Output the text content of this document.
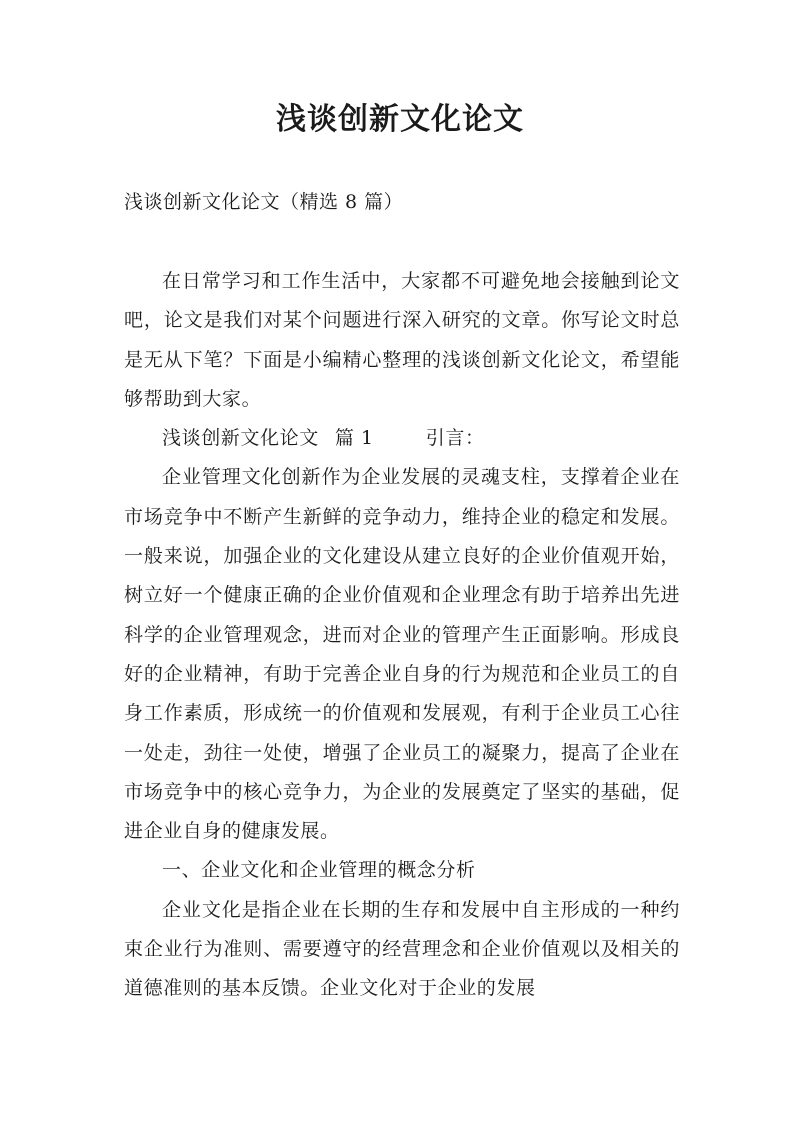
浅谈创新文化论文
浅谈创新文化论文（精选 8 篇）

在日常学习和工作生活中，大家都不可避免地会接触到论文吧，论文是我们对某个问题进行深入研究的文章。你写论文时总是无从下笔？下面是小编精心整理的浅谈创新文化论文，希望能够帮助到大家。

浅谈创新文化论文 篇 1	引言：

企业管理文化创新作为企业发展的灵魂支柱，支撑着企业在市场竞争中不断产生新鲜的竞争动力，维持企业的稳定和发展。一般来说，加强企业的文化建设从建立良好的企业价值观开始，树立好一个健康正确的企业价值观和企业理念有助于培养出先进科学的企业管理观念，进而对企业的管理产生正面影响。形成良好的企业精神，有助于完善企业自身的行为规范和企业员工的自身工作素质，形成统一的价值观和发展观，有利于企业员工心往一处走，劲往一处使，增强了企业员工的凝聚力，提高了企业在市场竞争中的核心竞争力，为企业的发展奠定了坚实的基础，促进企业自身的健康发展。

一、企业文化和企业管理的概念分析

企业文化是指企业在长期的生存和发展中自主形成的一种约束企业行为准则、需要遵守的经营理念和企业价值观以及相关的道德准则的基本反馈。企业文化对于企业的发展
